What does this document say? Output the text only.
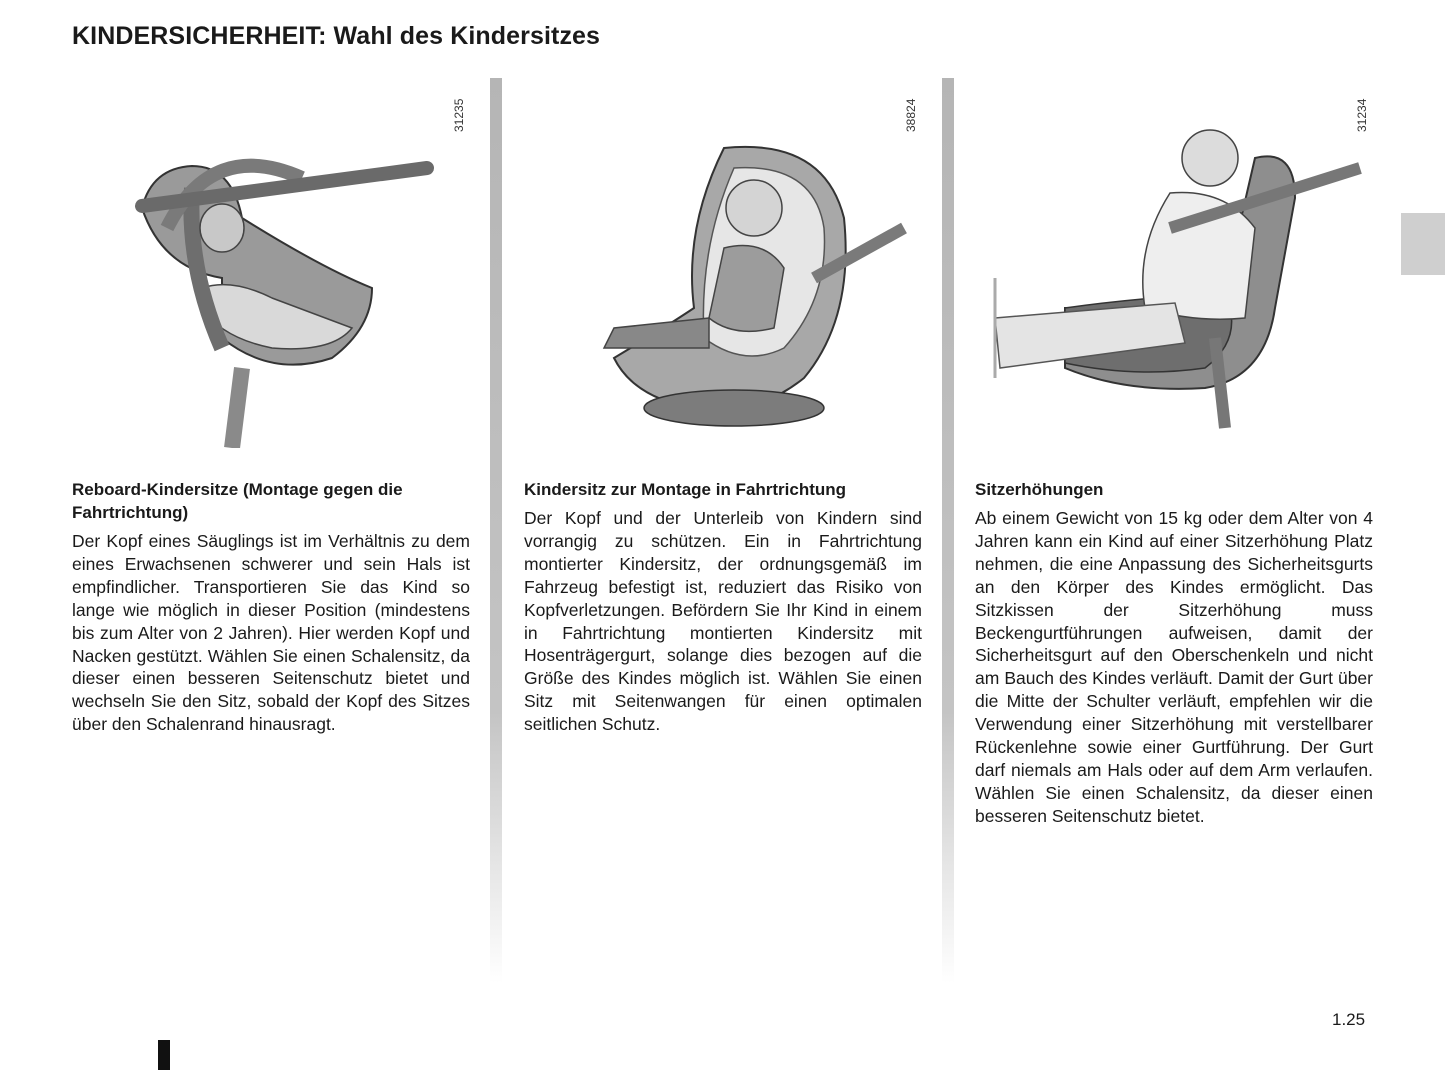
KINDERSICHERHEIT: Wahl des Kindersitzes
31235
Reboard-Kindersitze (Montage gegen die Fahrtrichtung)

Der Kopf eines Säuglings ist im Verhältnis zu dem eines Erwachsenen schwerer und sein Hals ist empfindlicher. Transportieren Sie das Kind so lange wie möglich in dieser Position (mindestens bis zum Alter von 2 Jahren). Hier werden Kopf und Nacken gestützt. Wählen Sie einen Schalensitz, da dieser einen besseren Seitenschutz bietet und wechseln Sie den Sitz, sobald der Kopf des Sitzes über den Schalenrand hinausragt.

38824
Kindersitz zur Montage in Fahrtrichtung

Der Kopf und der Unterleib von Kindern sind vorrangig zu schützen. Ein in Fahrtrichtung montierter Kindersitz, der ordnungsgemäß im Fahrzeug befestigt ist, reduziert das Risiko von Kopfverletzungen. Befördern Sie Ihr Kind in einem in Fahrtrichtung montierten Kindersitz mit Hosenträgergurt, solange dies bezogen auf die Größe des Kindes möglich ist. Wählen Sie einen Sitz mit Seitenwangen für einen optimalen seitlichen Schutz.

31234
Sitzerhöhungen

Ab einem Gewicht von 15 kg oder dem Alter von 4 Jahren kann ein Kind auf einer Sitzerhöhung Platz nehmen, die eine Anpassung des Sicherheitsgurts an den Körper des Kindes ermöglicht. Das Sitzkissen der Sitzerhöhung muss Beckengurtführungen aufweisen, damit der Sicherheitsgurt auf den Oberschenkeln und nicht am Bauch des Kindes verläuft. Damit der Gurt über die Mitte der Schulter verläuft, empfehlen wir die Verwendung einer Sitzerhöhung mit verstellbarer Rückenlehne sowie einer Gurtführung. Der Gurt darf niemals am Hals oder auf dem Arm verlaufen. Wählen Sie einen Schalensitz, da dieser einen besseren Seitenschutz bietet.

1.25
